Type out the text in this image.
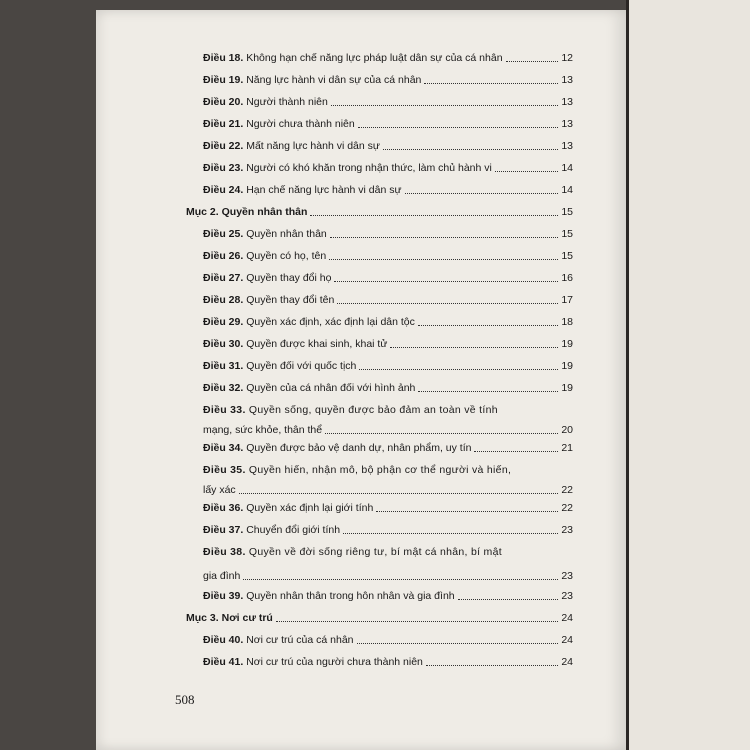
Điều 18. Không hạn chế năng lực pháp luật dân sự của cá nhân	12
Điều 19. Năng lực hành vi dân sự của cá nhân	13
Điều 20. Người thành niên	13
Điều 21. Người chưa thành niên	13
Điều 22. Mất năng lực hành vi dân sự	13
Điều 23. Người có khó khăn trong nhận thức, làm chủ hành vi	14
Điều 24. Hạn chế năng lực hành vi dân sự	14
Mục 2. Quyền nhân thân	15
Điều 25. Quyền nhân thân	15
Điều 26. Quyền có họ, tên	15
Điều 27. Quyền thay đổi họ	16
Điều 28. Quyền thay đổi tên	17
Điều 29. Quyền xác định, xác định lại dân tộc	18
Điều 30. Quyền được khai sinh, khai tử	19
Điều 31. Quyền đối với quốc tịch	19
Điều 32. Quyền của cá nhân đối với hình ảnh	19
Điều 33. Quyền sống, quyền được bảo đảm an toàn về tính
mạng, sức khỏe, thân thể	20
Điều 34. Quyền được bảo vệ danh dự, nhân phẩm, uy tín	21
Điều 35. Quyền hiến, nhận mô, bộ phận cơ thể người và hiến,
lấy xác	22
Điều 36. Quyền xác định lại giới tính	22
Điều 37. Chuyển đổi giới tính	23
Điều 38. Quyền về đời sống riêng tư, bí mật cá nhân, bí mật
gia đình	23
Điều 39. Quyền nhân thân trong hôn nhân và gia đình	23
Mục 3. Nơi cư trú	24
Điều 40. Nơi cư trú của cá nhân	24
Điều 41. Nơi cư trú của người chưa thành niên	24
508
